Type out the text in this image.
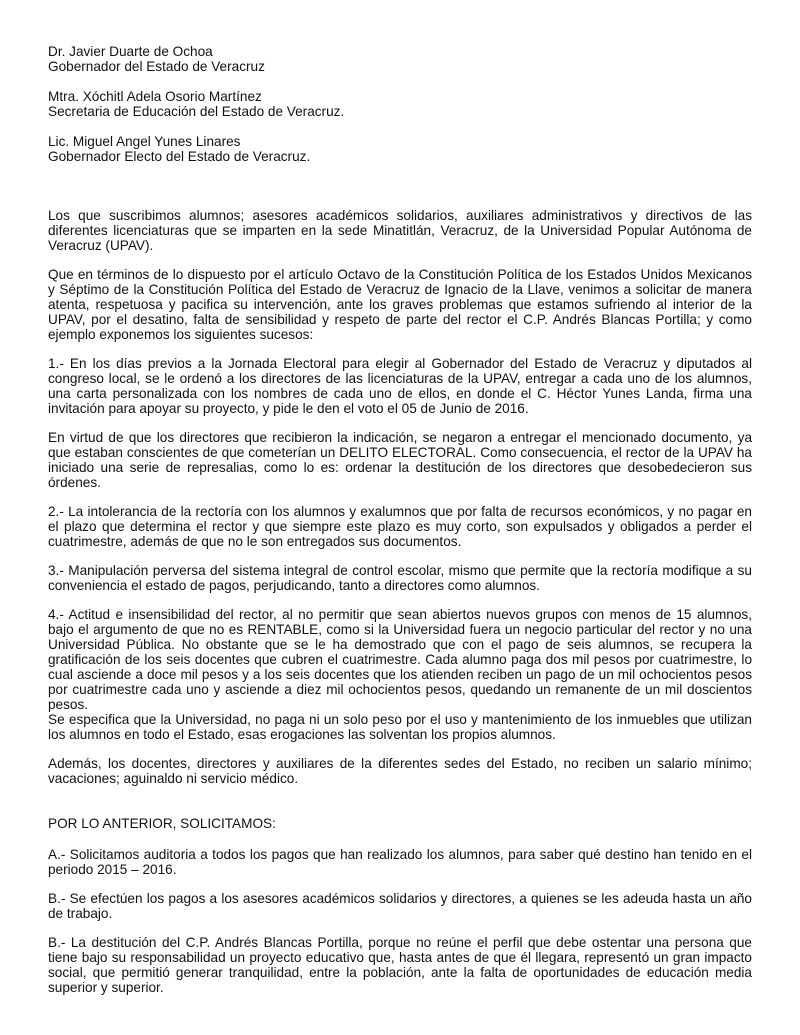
Dr. Javier Duarte de Ochoa
Gobernador del Estado de Veracruz
Mtra. Xóchitl Adela Osorio Martínez
Secretaria de Educación del Estado de Veracruz.
Lic. Miguel Angel Yunes Linares
Gobernador Electo del Estado de Veracruz.

Los que suscribimos alumnos; asesores académicos solidarios, auxiliares administrativos y directivos de las diferentes licenciaturas que se imparten en la sede Minatitlán, Veracruz, de la Universidad Popular Autónoma de Veracruz (UPAV).

Que en términos de lo dispuesto por el artículo Octavo de la Constitución Política de los Estados Unidos Mexicanos y Séptimo de la Constitución Política del Estado de Veracruz de Ignacio de la Llave, venimos a solicitar de manera atenta, respetuosa y pacifica su intervención, ante los graves problemas que estamos sufriendo al interior de la UPAV, por el desatino, falta de sensibilidad y respeto de parte del rector el C.P. Andrés Blancas Portilla; y como ejemplo exponemos los siguientes sucesos:

1.- En los días previos a la Jornada Electoral para elegir al Gobernador del Estado de Veracruz y diputados al congreso local, se le ordenó a los directores de las licenciaturas de la UPAV, entregar a cada uno de los alumnos, una carta personalizada con los nombres de cada uno de ellos, en donde el C. Héctor Yunes Landa, firma una invitación para apoyar su proyecto, y pide le den el voto el 05 de Junio de 2016.

En virtud de que los directores que recibieron la indicación, se negaron a entregar el mencionado documento, ya que estaban conscientes de que cometerían un DELITO ELECTORAL. Como consecuencia, el rector de la UPAV ha iniciado una serie de represalias, como lo es: ordenar la destitución de los directores que desobedecieron sus órdenes.

2.- La intolerancia de la rectoría con los alumnos y exalumnos que por falta de recursos económicos, y no pagar en el plazo que determina el rector y que siempre este plazo es muy corto, son expulsados y obligados a perder el cuatrimestre, además de que no le son entregados sus documentos.

3.- Manipulación perversa del sistema integral de control escolar, mismo que permite que la rectoría modifique a su conveniencia el estado de pagos, perjudicando, tanto a directores como alumnos.

4.- Actitud e insensibilidad del rector, al no permitir que sean abiertos nuevos grupos con menos de 15 alumnos, bajo el argumento de que no es RENTABLE, como si la Universidad fuera un negocio particular del rector y no una Universidad Pública. No obstante que se le ha demostrado que con el pago de seis alumnos, se recupera la gratificación de los seis docentes que cubren el cuatrimestre. Cada alumno paga dos mil pesos por cuatrimestre, lo cual asciende a doce mil pesos y a los seis docentes que los atienden reciben un pago de un mil ochocientos pesos por cuatrimestre cada uno y asciende a diez mil ochocientos pesos, quedando un remanente de un mil doscientos pesos.

Se especifica que la Universidad, no paga ni un solo peso por el uso y mantenimiento de los inmuebles que utilizan los alumnos en todo el Estado, esas erogaciones las solventan los propios alumnos.

Además, los docentes, directores y auxiliares de la diferentes sedes del Estado, no reciben un salario mínimo; vacaciones; aguinaldo ni servicio médico.

POR LO ANTERIOR, SOLICITAMOS:

A.- Solicitamos auditoria a todos los pagos que han realizado los alumnos, para saber qué destino han tenido en el periodo 2015 – 2016.

B.- Se efectúen los pagos a los asesores académicos solidarios y directores, a quienes se les adeuda hasta un año de trabajo.

B.- La destitución del C.P. Andrés Blancas Portilla, porque no reúne el perfil que debe ostentar una persona que tiene bajo su responsabilidad un proyecto educativo que, hasta antes de que él llegara, representó un gran impacto social, que permitió generar tranquilidad, entre la población, ante la falta de oportunidades de educación media superior y superior.
